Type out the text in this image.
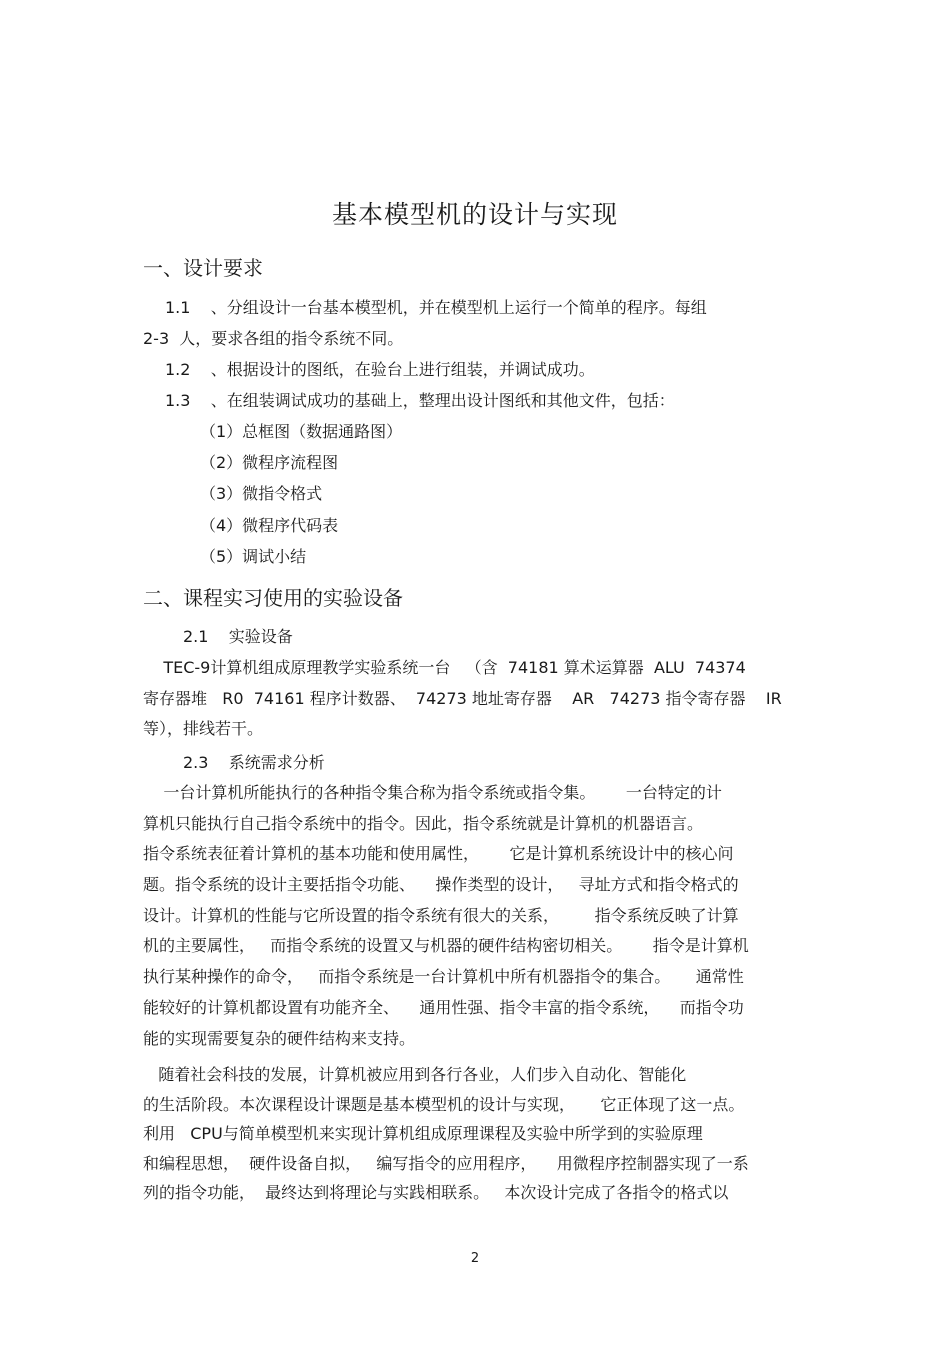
基本模型机的设计与实现
一、设计要求
1.1    、分组设计一台基本模型机，并在模型机上运行一个简单的程序。每组
2-3  人，要求各组的指令系统不同。
1.2    、根据设计的图纸，在验台上进行组装，并调试成功。
1.3    、在组装调试成功的基础上，整理出设计图纸和其他文件，包括：
（1）总框图（数据通路图）
（2）微程序流程图
（3）微指令格式
（4）微程序代码表
（5）调试小结
二、课程实习使用的实验设备
2.1    实验设备
TEC-9计算机组成原理教学实验系统一台   （含  74181 算术运算器  ALU  74374
寄存器堆   R0  74161 程序计数器、  74273 地址寄存器    AR   74273 指令寄存器    IR
等），排线若干。
2.3    系统需求分析
一台计算机所能执行的各种指令集合称为指令系统或指令集。      一台特定的计
算机只能执行自己指令系统中的指令。因此，指令系统就是计算机的机器语言。
指令系统表征着计算机的基本功能和使用属性，      它是计算机系统设计中的核心问
题。指令系统的设计主要括指令功能、    操作类型的设计，   寻址方式和指令格式的
设计。计算机的性能与它所设置的指令系统有很大的关系，       指令系统反映了计算
机的主要属性，   而指令系统的设置又与机器的硬件结构密切相关。      指令是计算机
执行某种操作的命令，   而指令系统是一台计算机中所有机器指令的集合。     通常性
能较好的计算机都设置有功能齐全、    通用性强、指令丰富的指令系统，    而指令功
能的实现需要复杂的硬件结构来支持。
随着社会科技的发展，计算机被应用到各行各业，人们步入自动化、智能化
的生活阶段。本次课程设计课题是基本模型机的设计与实现，     它正体现了这一点。
利用   CPU与简单模型机来实现计算机组成原理课程及实验中所学到的实验原理
和编程思想，  硬件设备自拟，   编写指令的应用程序，    用微程序控制器实现了一系
列的指令功能，  最终达到将理论与实践相联系。   本次设计完成了各指令的格式以
2
